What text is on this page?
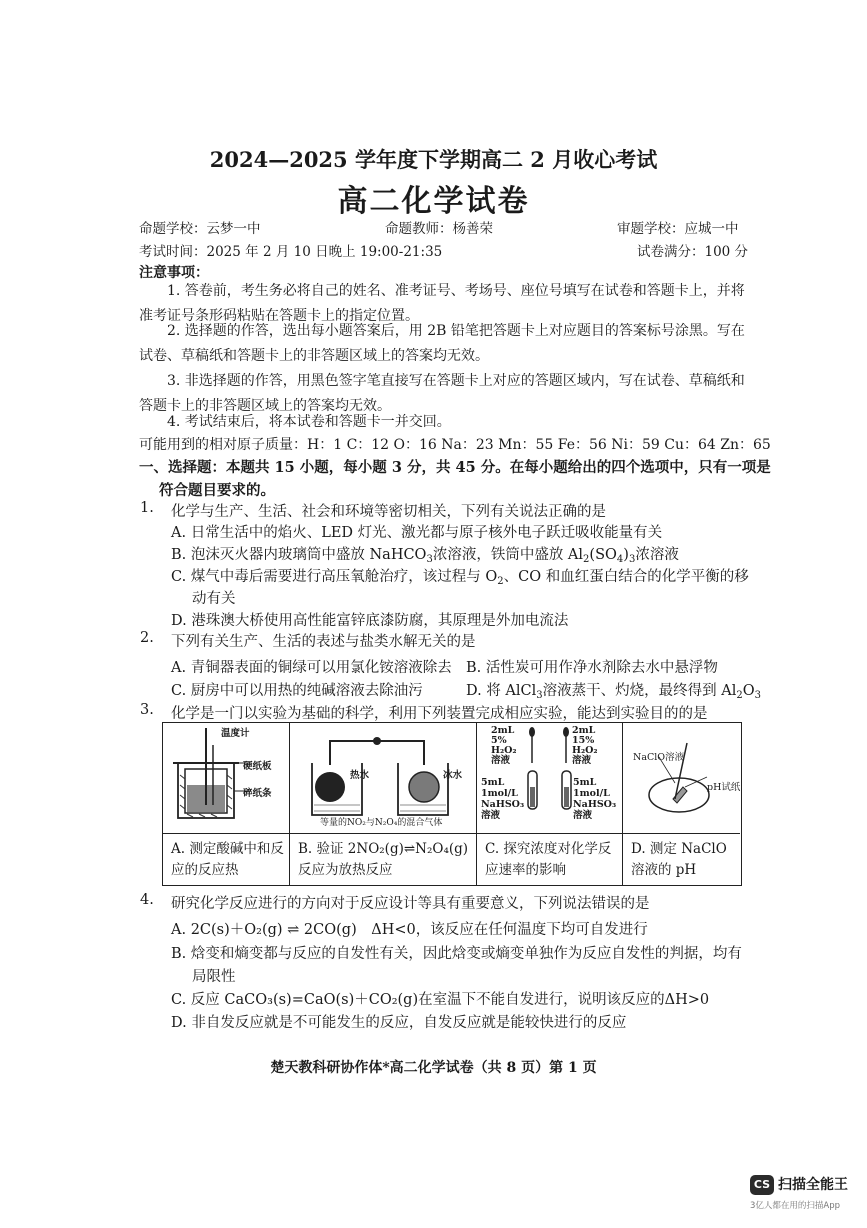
2024—2025 学年度下学期高二 2 月收心考试
高二化学试卷
命题学校：云梦一中	命题教师：杨善荣	审题学校：应城一中
考试时间：2025 年 2 月 10 日晚上 19:00-21:35	试卷满分：100 分
注意事项：
1. 答卷前，考生务必将自己的姓名、准考证号、考场号、座位号填写在试卷和答题卡上，并将准考证号条形码粘贴在答题卡上的指定位置。
2. 选择题的作答，选出每小题答案后，用 2B 铅笔把答题卡上对应题目的答案标号涂黑。写在试卷、草稿纸和答题卡上的非答题区域上的答案均无效。
3. 非选择题的作答，用黑色签字笔直接写在答题卡上对应的答题区域内，写在试卷、草稿纸和答题卡上的非答题区域上的答案均无效。
4. 考试结束后，将本试卷和答题卡一并交回。
可能用到的相对原子质量：H：1 C：12 O：16 Na：23 Mn：55 Fe：56 Ni：59 Cu：64 Zn：65
一、选择题：本题共 15 小题，每小题 3 分，共 45 分。在每小题给出的四个选项中，只有一项是
符合题目要求的。
1. 化学与生产、生活、社会和环境等密切相关，下列有关说法正确的是
A. 日常生活中的焰火、LED 灯光、激光都与原子核外电子跃迁吸收能量有关
B. 泡沫灭火器内玻璃筒中盛放 NaHCO$_3$浓溶液，铁筒中盛放 $Al_2(SO_4)_3$浓溶液
C. 煤气中毒后需要进行高压氧舱治疗，该过程与 $O_2$、CO 和血红蛋白结合的化学平衡的移
动有关
D. 港珠澳大桥使用高性能富锌底漆防腐，其原理是外加电流法
2. 下列有关生产、生活的表述与盐类水解无关的是
A. 青铜器表面的铜绿可以用氯化铵溶液除去 B. 活性炭可用作净水剂除去水中悬浮物
C. 厨房中可以用热的纯碱溶液去除油污	D. 将 AlCl$_3$溶液蒸干、灼烧，最终得到 $Al_2O_3$
3. 化学是一门以实验为基础的科学，利用下列装置完成相应实验，能达到实验目的的是
温度计
硬纸板
碎纸条
A. 测定酸碱中和反应的反应热
热水	冰水
等量的NO₂与N₂O₄的混合气体
B. 验证 2NO₂(g)⇌N₂O₄(g)反应为放热反应
2mL 5% H₂O₂ 溶液
2mL 15% H₂O₂ 溶液
5mL 1mol/L NaHSO₃ 溶液
5mL 1mol/L NaHSO₃ 溶液
C. 探究浓度对化学反应速率的影响
NaClO溶液
pH试纸
D. 测定 NaClO 溶液的 pH
4. 研究化学反应进行的方向对于反应设计等具有重要意义，下列说法错误的是
A. 2C(s)＋O₂(g) ⇌ 2CO(g)　ΔH<0，该反应在任何温度下均可自发进行
B. 焓变和熵变都与反应的自发性有关，因此焓变或熵变单独作为反应自发性的判据，均有
局限性
C. 反应 CaCO₃(s)=CaO(s)＋CO₂(g)在室温下不能自发进行，说明该反应的ΔH>0
D. 非自发反应就是不可能发生的反应，自发反应就是能较快进行的反应
楚天教科研协作体*高二化学试卷（共 8 页）第 1 页
CS 扫描全能王
3亿人都在用的扫描App
